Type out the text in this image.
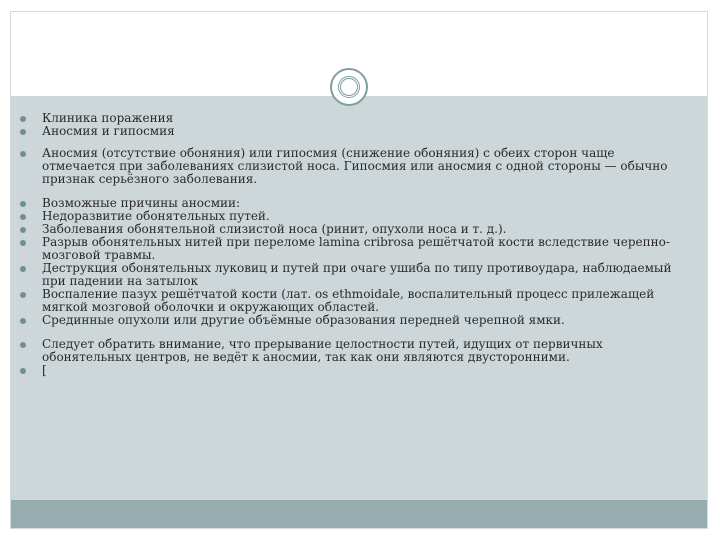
Клиника поражения
Аносмия и гипосмия
Аносмия (отсутствие обоняния) или гипосмия (снижение обоняния) с обеих сторон чаще отмечается при заболеваниях слизистой носа. Гипосмия или аносмия с одной стороны — обычно признак серьёзного заболевания.
Возможные причины аносмии:
Недоразвитие обонятельных путей.
Заболевания обонятельной слизистой носа (ринит, опухоли носа и т. д.).
Разрыв обонятельных нитей при переломе lamina cribrosa решётчатой кости вследствие черепно-мозговой травмы.
Деструкция обонятельных луковиц и путей при очаге ушиба по типу противоудара, наблюдаемый при падении на затылок
Воспаление пазух решётчатой кости (лат. os ethmoidale, воспалительный процесс прилежащей мягкой мозговой оболочки и окружающих областей.
Срединные опухоли или другие объёмные образования передней черепной ямки.
Следует обратить внимание, что прерывание целостности путей, идущих от первичных обонятельных центров, не ведёт к аносмии, так как они являются двусторонними.
[
